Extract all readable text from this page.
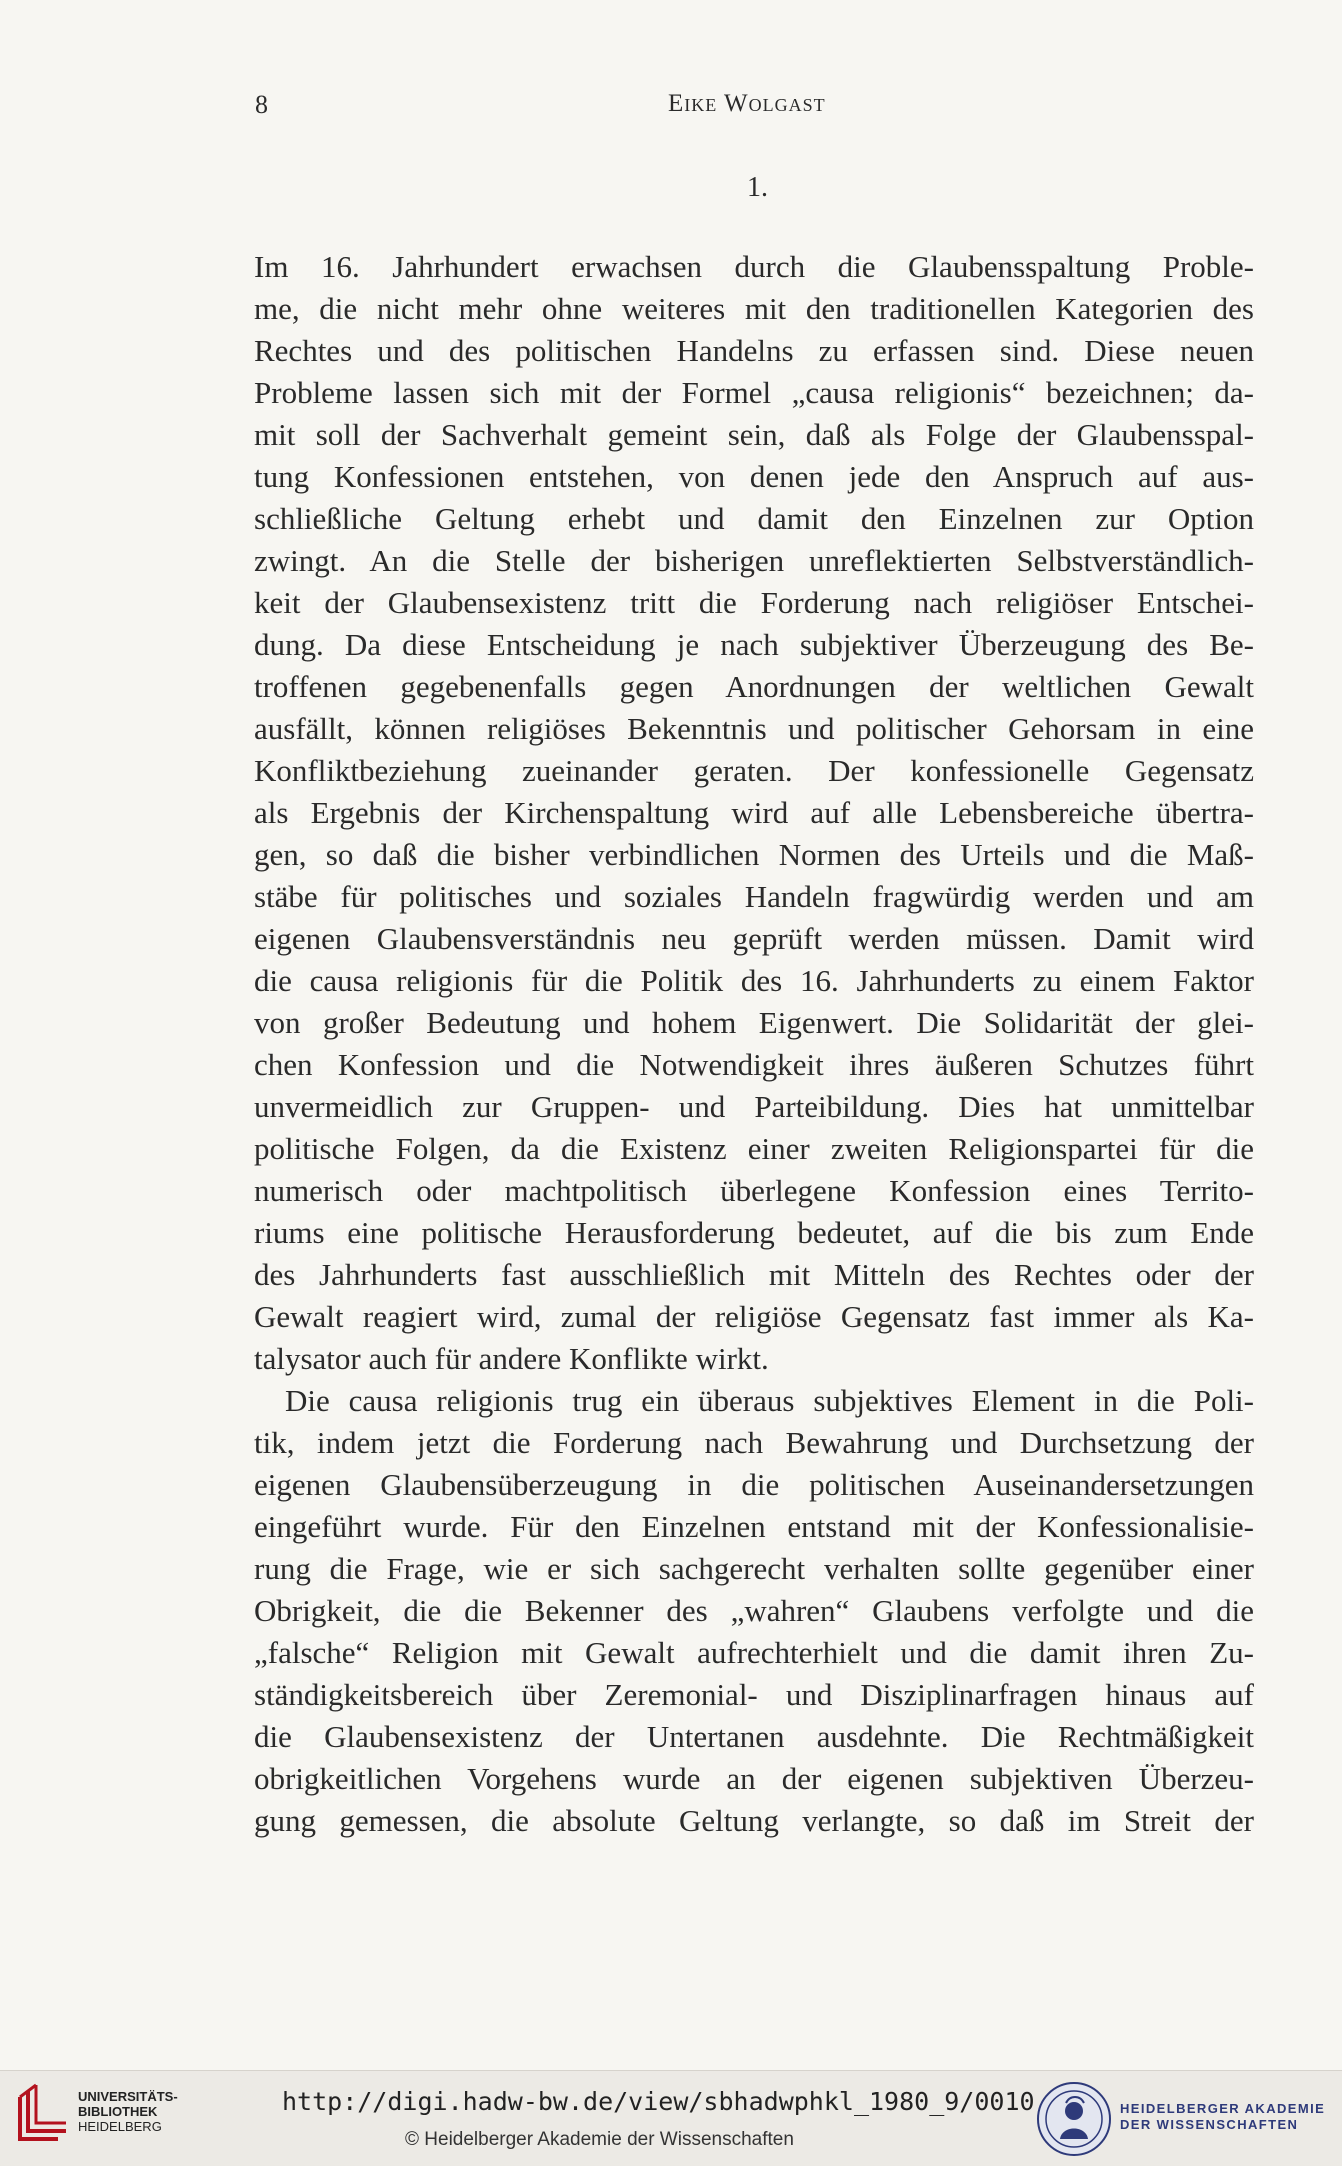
8	Eike Wolgast
1.
Im 16. Jahrhundert erwachsen durch die Glaubensspaltung Proble-
me, die nicht mehr ohne weiteres mit den traditionellen Kategorien des
Rechtes und des politischen Handelns zu erfassen sind. Diese neuen
Probleme lassen sich mit der Formel „causa religionis“ bezeichnen; da-
mit soll der Sachverhalt gemeint sein, daß als Folge der Glaubensspal-
tung Konfessionen entstehen, von denen jede den Anspruch auf aus-
schließliche Geltung erhebt und damit den Einzelnen zur Option
zwingt. An die Stelle der bisherigen unreflektierten Selbstverständlich-
keit der Glaubensexistenz tritt die Forderung nach religiöser Entschei-
dung. Da diese Entscheidung je nach subjektiver Überzeugung des Be-
troffenen gegebenenfalls gegen Anordnungen der weltlichen Gewalt
ausfällt, können religiöses Bekenntnis und politischer Gehorsam in eine
Konfliktbeziehung zueinander geraten. Der konfessionelle Gegensatz
als Ergebnis der Kirchenspaltung wird auf alle Lebensbereiche übertra-
gen, so daß die bisher verbindlichen Normen des Urteils und die Maß-
stäbe für politisches und soziales Handeln fragwürdig werden und am
eigenen Glaubensverständnis neu geprüft werden müssen. Damit wird
die causa religionis für die Politik des 16. Jahrhunderts zu einem Faktor
von großer Bedeutung und hohem Eigenwert. Die Solidarität der glei-
chen Konfession und die Notwendigkeit ihres äußeren Schutzes führt
unvermeidlich zur Gruppen- und Parteibildung. Dies hat unmittelbar
politische Folgen, da die Existenz einer zweiten Religionspartei für die
numerisch oder machtpolitisch überlegene Konfession eines Territo-
riums eine politische Herausforderung bedeutet, auf die bis zum Ende
des Jahrhunderts fast ausschließlich mit Mitteln des Rechtes oder der
Gewalt reagiert wird, zumal der religiöse Gegensatz fast immer als Ka-
talysator auch für andere Konflikte wirkt.
Die causa religionis trug ein überaus subjektives Element in die Poli-
tik, indem jetzt die Forderung nach Bewahrung und Durchsetzung der
eigenen Glaubensüberzeugung in die politischen Auseinandersetzungen
eingeführt wurde. Für den Einzelnen entstand mit der Konfessionalisie-
rung die Frage, wie er sich sachgerecht verhalten sollte gegenüber einer
Obrigkeit, die die Bekenner des „wahren“ Glaubens verfolgte und die
„falsche“ Religion mit Gewalt aufrechterhielt und die damit ihren Zu-
ständigkeitsbereich über Zeremonial- und Disziplinarfragen hinaus auf
die Glaubensexistenz der Untertanen ausdehnte. Die Rechtmäßigkeit
obrigkeitlichen Vorgehens wurde an der eigenen subjektiven Überzeu-
gung gemessen, die absolute Geltung verlangte, so daß im Streit der
UNIVERSITÄTS-
BIBLIOTHEK
HEIDELBERG
http://digi.hadw-bw.de/view/sbhadwphkl_1980_9/0010
© Heidelberger Akademie der Wissenschaften
HEIDELBERGER AKADEMIE
DER WISSENSCHAFTEN
